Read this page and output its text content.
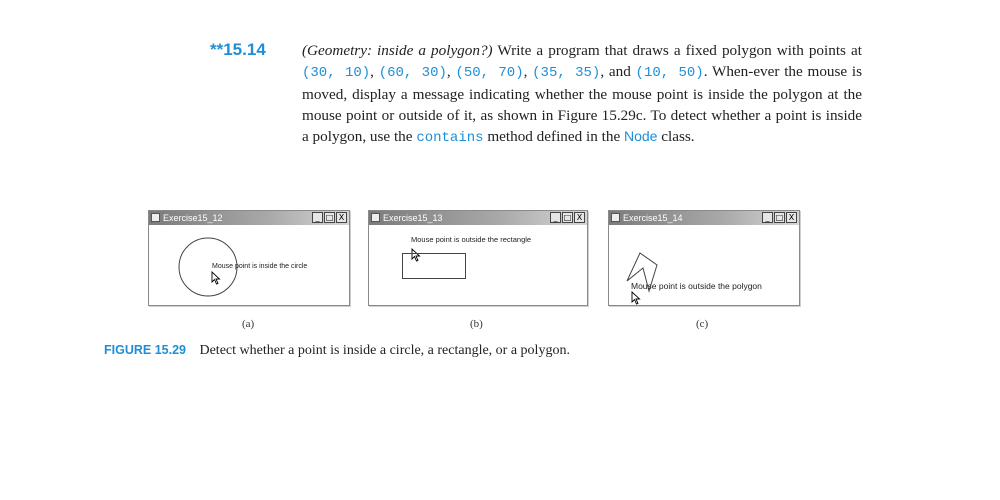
**15.14 (Geometry: inside a polygon?) Write a program that draws a fixed polygon with points at (30, 10), (60, 30), (50, 70), (35, 35), and (10, 50). When-ever the mouse is moved, display a message indicating whether the mouse point is inside the polygon at the mouse point or outside of it, as shown in Figure 15.29c. To detect whether a point is inside a polygon, use the contains method defined in the Node class.
Exercise15_12	_ □ X
Mouse point is inside the circle
Exercise15_13	_ □ X
Mouse point is outside the rectangle
Exercise15_14	_ □ X
Mouse point is outside the polygon
(a)	(b)	(c)
FIGURE 15.29 Detect whether a point is inside a circle, a rectangle, or a polygon.
